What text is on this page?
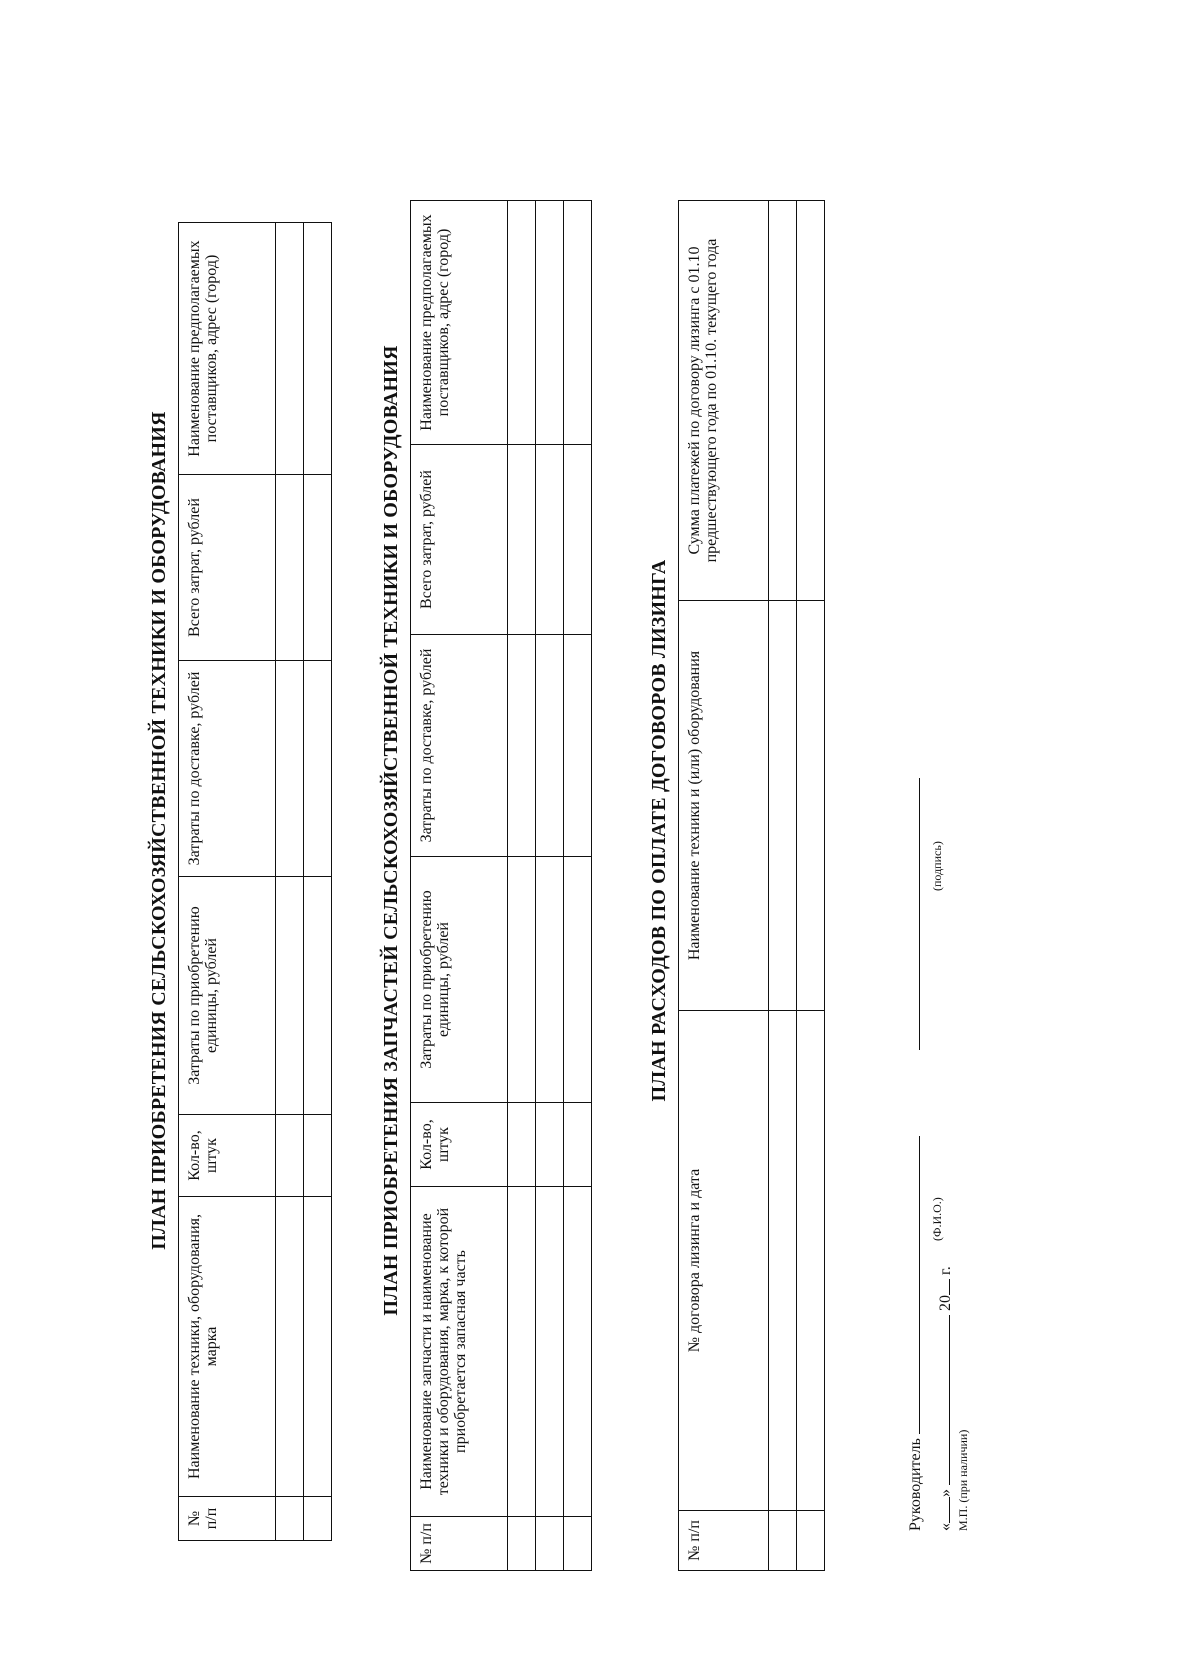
ПЛАН ПРИОБРЕТЕНИЯ СЕЛЬСКОХОЗЯЙСТВЕННОЙ ТЕХНИКИ И ОБОРУДОВАНИЯ
№ п/п	Наименование техники, оборудования, марка	Кол-во, штук	Затраты по приобретению единицы, рублей	Затраты по доставке, рублей	Всего затрат, рублей	Наименование предполагаемых поставщиков, адрес (город)

							ПЛАН ПРИОБРЕТЕНИЯ ЗАПЧАСТЕЙ СЕЛЬСКОХОЗЯЙСТВЕННОЙ ТЕХНИКИ И ОБОРУДОВАНИЯ
№ п/п	Наименование запчасти и наименование техники и оборудования, марка, к которой приобретается запасная часть	Кол-во, штук	Затраты по приобретению единицы, рублей	Затраты по доставке, рублей	Всего затрат, рублей	Наименование предполагаемых поставщиков, адрес (город)

ПЛАН РАСХОДОВ ПО ОПЛАТЕ ДОГОВОРОВ ЛИЗИНГА
№ п/п	№ договора лизинга и дата	Наименование техники и (или) оборудования	Сумма платежей по договору лизинга с 01.10 предшествующего года по 01.10. текущего года

Руководитель
(Ф.И.О.)
(подпись)
«»  20 г.
М.П. (при наличии)
